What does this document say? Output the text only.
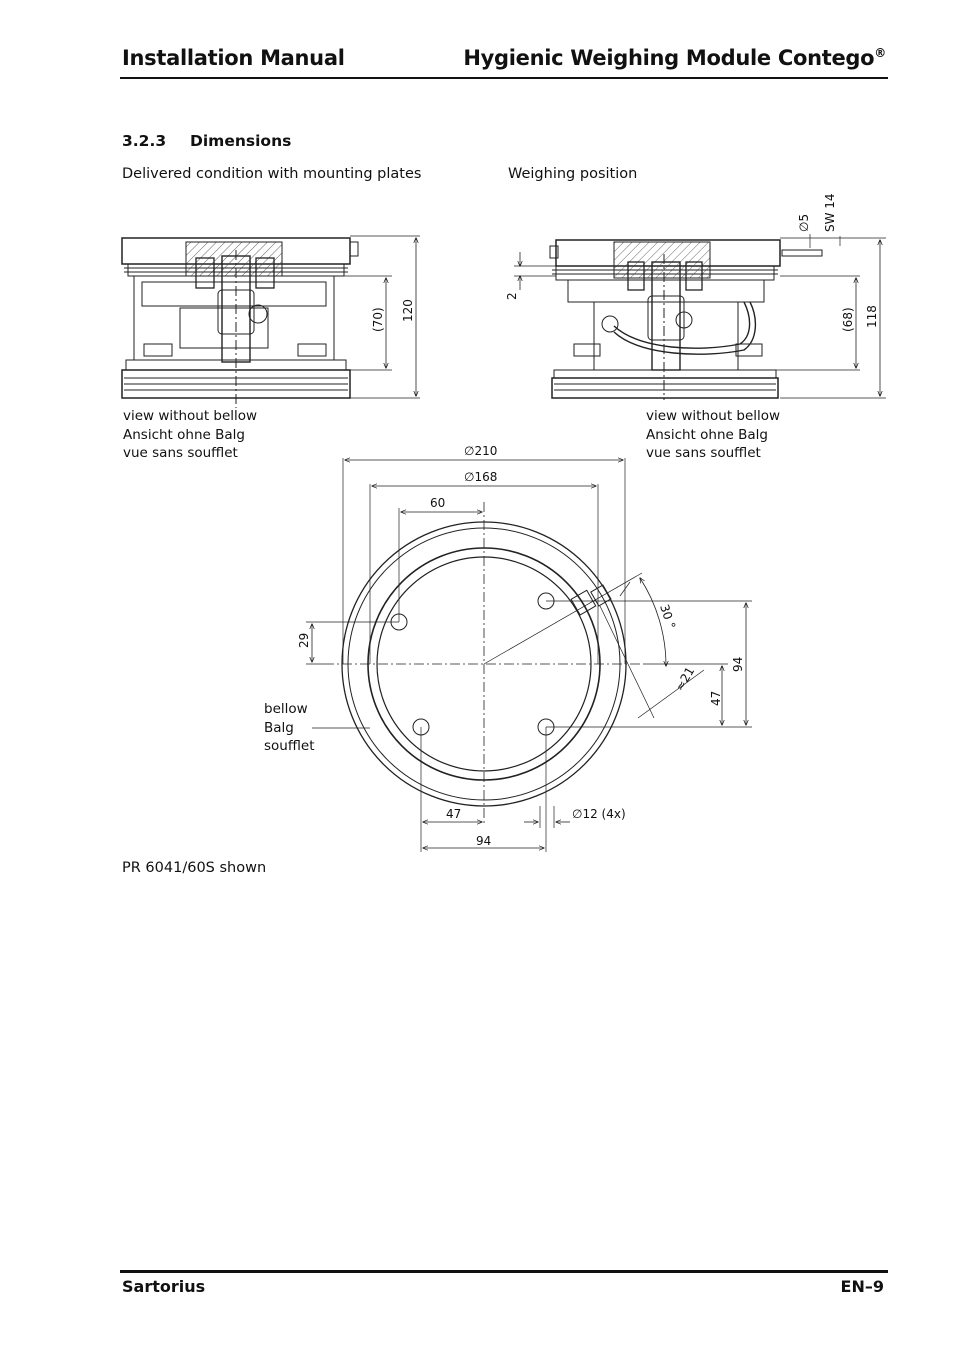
Installation Manual	Hygienic Weighing Module Contego®
3.2.3 Dimensions
Delivered condition with mounting plates	Weighing position
(70) 120
2
(68) 118
∅5 SW 14
∅210
∅168
60
29
30 °
≈21
94
47
∅12 (4x)
47
94
view without bellow
Ansicht ohne Balg
vue sans soufflet
view without bellow
Ansicht ohne Balg
vue sans soufflet
bellow
Balg
soufflet
PR 6041/60S shown
Sartorius	EN–9
